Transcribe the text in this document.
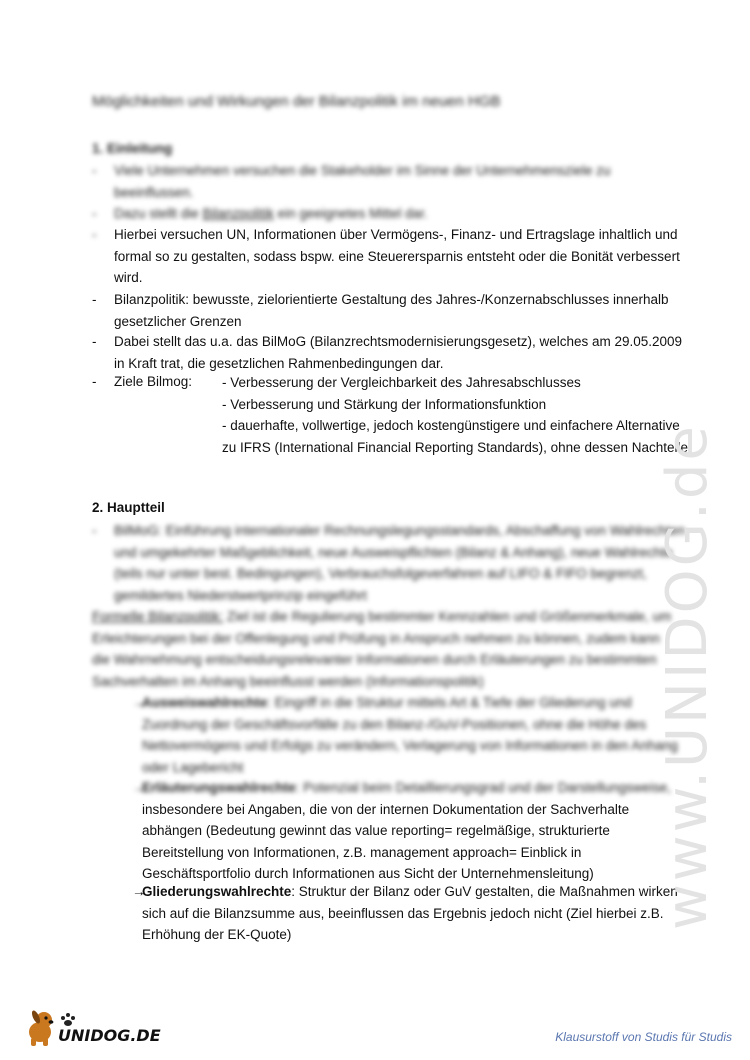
Möglichkeiten und Wirkungen der Bilanzpolitik im neuen HGB
1. Einleitung
- Viele Unternehmen versuchen die Stakeholder im Sinne der Unternehmensziele zu beeinflussen.
- Dazu stellt die Bilanzpolitik ein geeignetes Mittel dar.
- Hierbei versuchen UN, Informationen über Vermögens-, Finanz- und Ertragslage inhaltlich und formal so zu gestalten, sodass bspw. eine Steuerersparnis entsteht oder die Bonität verbessert wird.
- Bilanzpolitik: bewusste, zielorientierte Gestaltung des Jahres-/Konzernabschlusses innerhalb gesetzlicher Grenzen
- Dabei stellt das u.a. das BilMoG (Bilanzrechtsmodernisierungsgesetz), welches am 29.05.2009 in Kraft trat, die gesetzlichen Rahmenbedingungen dar.
- Ziele Bilmog: - Verbesserung der Vergleichbarkeit des Jahresabschlusses
- Verbesserung und Stärkung der Informationsfunktion
- dauerhafte, vollwertige, jedoch kostengünstigere und einfachere Alternative zu IFRS (International Financial Reporting Standards), ohne dessen Nachteile
2. Hauptteil
- BilMoG: Einführung internationaler Rechnungslegungsstandards, Abschaffung von Wahlrechten und umgekehrter Maßgeblichkeit, neue Ausweispflichten (Bilanz & Anhang), neue Wahlrechte (teils nur unter best. Bedingungen), Verbrauchsfolgeverfahren auf LIFO & FIFO begrenzt, gemildertes Niederstwertprinzip eingeführt
Formelle Bilanzpolitik: Ziel ist die Regulierung bestimmter Kennzahlen und Größenmerkmale, um Erleichterungen bei der Offenlegung und Prüfung in Anspruch nehmen zu können, zudem kann die Wahrnehmung entscheidungsrelevanter Informationen durch Erläuterungen zu bestimmten Sachverhalten im Anhang beeinflusst werden (Informationspolitik)
→
Ausweiswahlrechte: Eingriff in die Struktur mittels Art & Tiefe der Gliederung und Zuordnung der Geschäftsvorfälle zu den Bilanz-/GuV-Positionen, ohne die Höhe des Nettovermögens und Erfolgs zu verändern, Verlagerung von Informationen in den Anhang oder Lagebericht
→
Erläuterungswahlrechte: Potenzial beim Detaillierungsgrad und der Darstellungsweise,
insbesondere bei Angaben, die von der internen Dokumentation der Sachverhalte abhängen (Bedeutung gewinnt das value reporting= regelmäßige, strukturierte Bereitstellung von Informationen, z.B. management approach= Einblick in Geschäftsportfolio durch Informationen aus Sicht der Unternehmensleitung)
→
Gliederungswahlrechte: Struktur der Bilanz oder GuV gestalten, die Maßnahmen wirken sich auf die Bilanzsumme aus, beeinflussen das Ergebnis jedoch nicht (Ziel hierbei z.B. Erhöhung der EK-Quote)
www.UNIDOG.de
UNIDOG.DE	Klausurstoff von Studis für Studis
